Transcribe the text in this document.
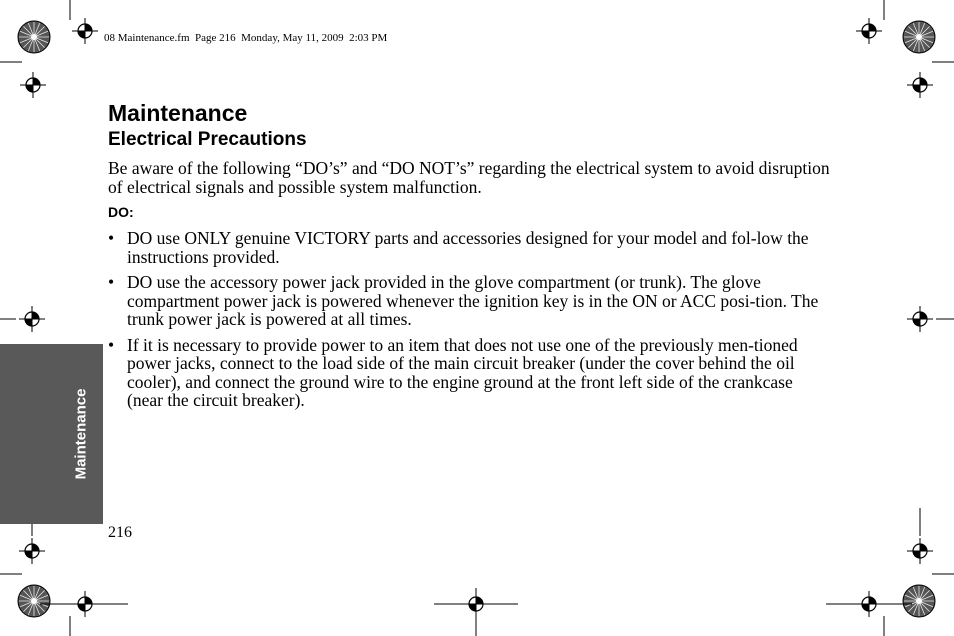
08 Maintenance.fm  Page 216  Monday, May 11, 2009  2:03 PM
Maintenance
Electrical Precautions

Be aware of the following “DO’s” and “DO NOT’s” regarding the electrical system to avoid disruption of electrical signals and possible system malfunction.

DO:
• DO use ONLY genuine VICTORY parts and accessories designed for your model and fol-low the instructions provided.
• DO use the accessory power jack provided in the glove compartment (or trunk). The glove compartment power jack is powered whenever the ignition key is in the ON or ACC posi-tion. The trunk power jack is powered at all times.
• If it is necessary to provide power to an item that does not use one of the previously men-tioned power jacks, connect to the load side of the main circuit breaker (under the cover behind the oil cooler), and connect the ground wire to the engine ground at the front left side of the crankcase (near the circuit breaker).
Maintenance
216
